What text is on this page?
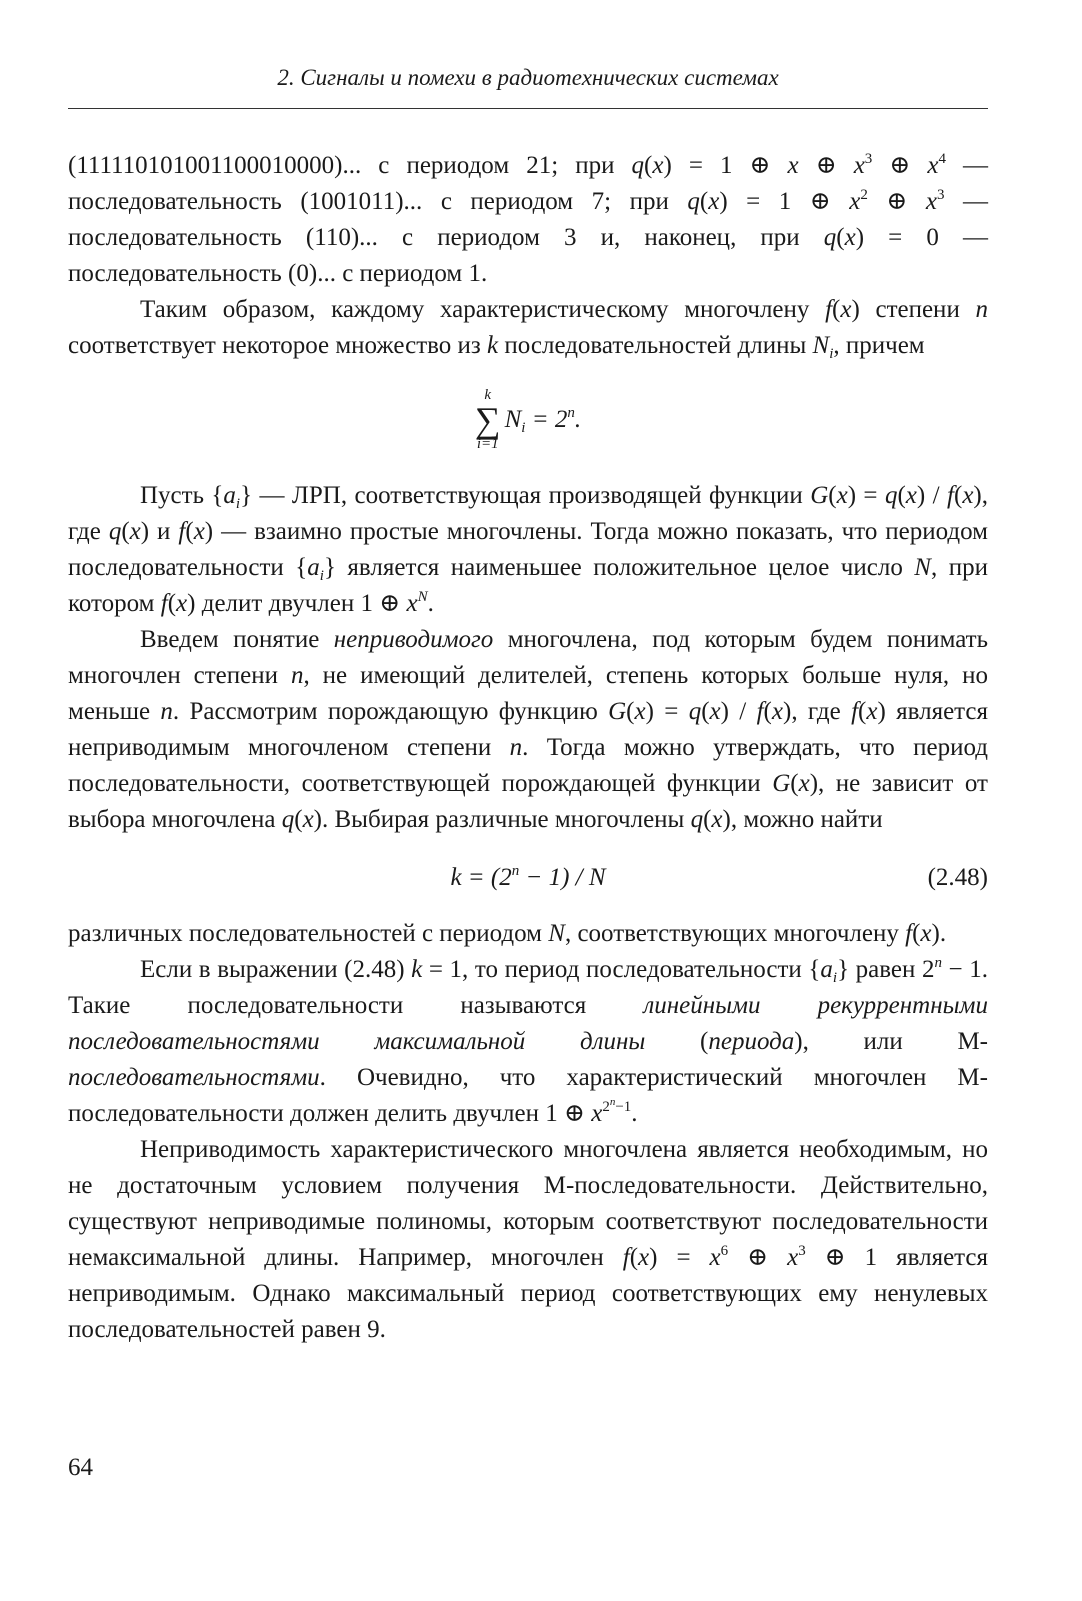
2. Сигналы и помехи в радиотехнических системах

(111110101001100010000)... с периодом 21; при q(x) = 1 ⊕ x ⊕ $x^3$ ⊕ $x^4$ — последовательность (1001011)... с периодом 7; при q(x) = 1 ⊕ $x^2$ ⊕ $x^3$ — последовательность (110)... с периодом 3 и, наконец, при q(x) = 0 — последовательность (0)... с периодом 1.

Таким образом, каждому характеристическому многочлену f(x) степени n соответствует некоторое множество из k последовательностей длины $N_i$, причем

k
∑
i=1
$N_i = 2^n$.

Пусть $\{a_i\}$ — ЛРП, соответствующая производящей функции G(x) = q(x) / f(x), где q(x) и f(x) — взаимно простые многочлены. Тогда можно показать, что периодом последовательности $\{a_i\}$ является наименьшее положительное целое число N, при котором f(x) делит двучлен 1 ⊕ $x^N$.

Введем понятие неприводимого многочлена, под которым будем понимать многочлен степени n, не имеющий делителей, степень которых больше нуля, но меньше n. Рассмотрим порождающую функцию G(x) = q(x) / f(x), где f(x) является неприводимым многочленом степени n. Тогда можно утверждать, что период последовательности, соответствующей порождающей функции G(x), не зависит от выбора многочлена q(x). Выбирая различные многочлены q(x), можно найти

$k = (2^n - 1) / N$	(2.48)

различных последовательностей с периодом N, соответствующих многочлену f(x).

Если в выражении (2.48) k = 1, то период последовательности $\{a_i\}$ равен $2^n - 1$. Такие последовательности называются линейными рекуррентными последовательностями максимальной длины (периода), или М-последовательностями. Очевидно, что характеристический многочлен М-последовательности должен делить двучлен 1 ⊕ $x^{2^n-1}$.

Неприводимость характеристического многочлена является необходимым, но не достаточным условием получения М-последовательности. Действительно, существуют неприводимые полиномы, которым соответствуют последовательности немаксимальной длины. Например, многочлен $f(x) = x^6$ ⊕ $x^3$ ⊕ 1 является неприводимым. Однако максимальный период соответствующих ему ненулевых последовательностей равен 9.

64
